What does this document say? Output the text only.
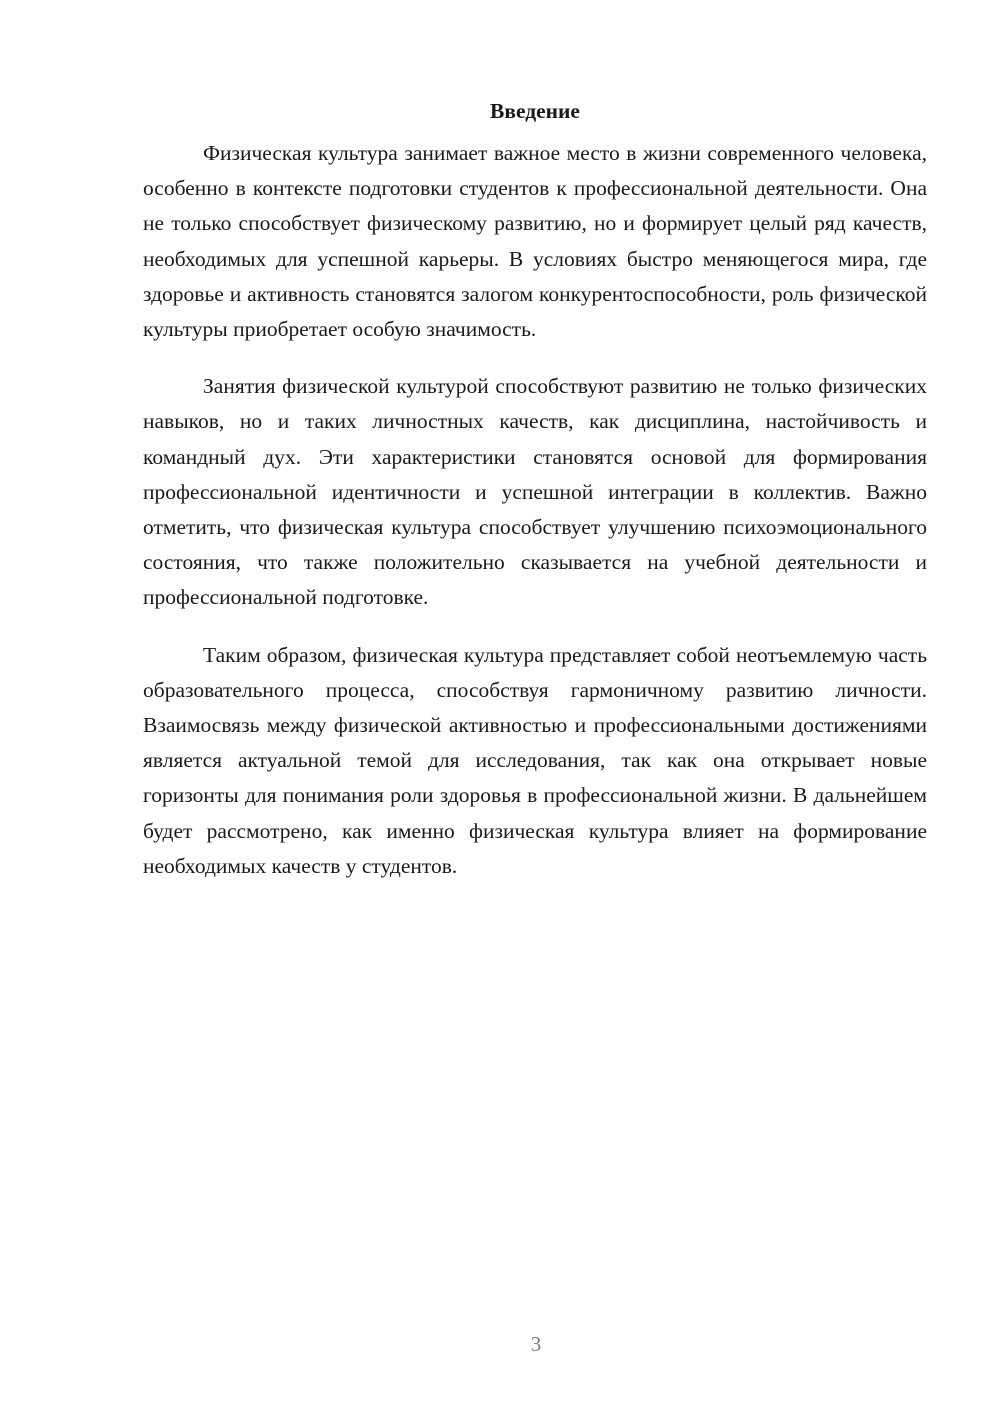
Введение

Физическая культура занимает важное место в жизни современного человека, особенно в контексте подготовки студентов к профессиональной деятельности. Она не только способствует физическому развитию, но и формирует целый ряд качеств, необходимых для успешной карьеры. В условиях быстро меняющегося мира, где здоровье и активность становятся залогом конкурентоспособности, роль физической культуры приобретает особую значимость.

Занятия физической культурой способствуют развитию не только физических навыков, но и таких личностных качеств, как дисциплина, настойчивость и командный дух. Эти характеристики становятся основой для формирования профессиональной идентичности и успешной интеграции в коллектив. Важно отметить, что физическая культура способствует улучшению психоэмоционального состояния, что также положительно сказывается на учебной деятельности и профессиональной подготовке.

Таким образом, физическая культура представляет собой неотъемлемую часть образовательного процесса, способствуя гармоничному развитию личности. Взаимосвязь между физической активностью и профессиональными достижениями является актуальной темой для исследования, так как она открывает новые горизонты для понимания роли здоровья в профессиональной жизни. В дальнейшем будет рассмотрено, как именно физическая культура влияет на формирование необходимых качеств у студентов.

3
